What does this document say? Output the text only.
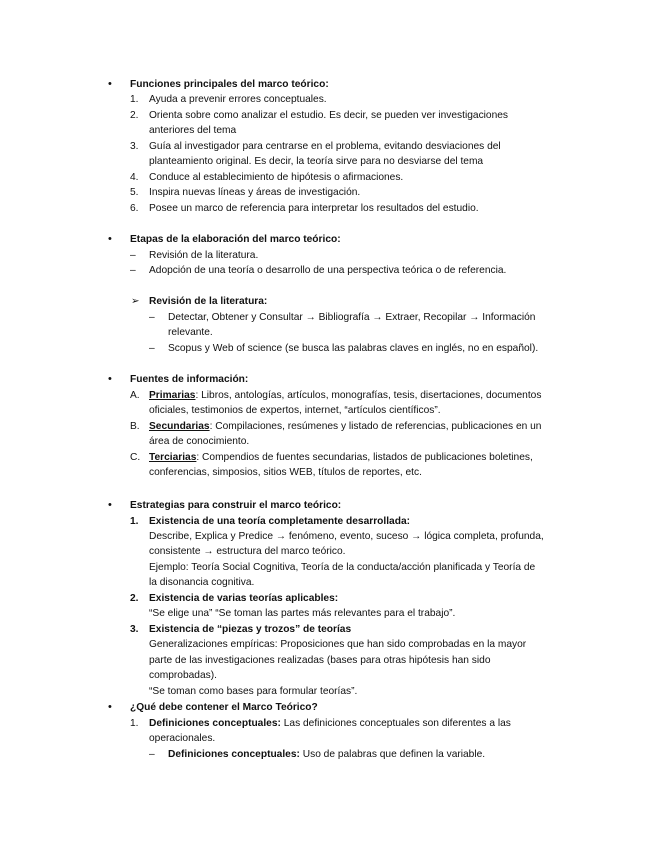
• Funciones principales del marco teórico:
1. Ayuda a prevenir errores conceptuales.
2. Orienta sobre como analizar el estudio. Es decir, se pueden ver investigaciones
anteriores del tema
3. Guía al investigador para centrarse en el problema, evitando desviaciones del
planteamiento original. Es decir, la teoría sirve para no desviarse del tema
4. Conduce al establecimiento de hipótesis o afirmaciones.
5. Inspira nuevas líneas y áreas de investigación.
6. Posee un marco de referencia para interpretar los resultados del estudio.
• Etapas de la elaboración del marco teórico:
– Revisión de la literatura.
– Adopción de una teoría o desarrollo de una perspectiva teórica o de referencia.
➢ Revisión de la literatura:
– Detectar, Obtener y Consultar → Bibliografía → Extraer, Recopilar → Información
relevante.
– Scopus y Web of science (se busca las palabras claves en inglés, no en español).
• Fuentes de información:
A. Primarias: Libros, antologías, artículos, monografías, tesis, disertaciones, documentos
oficiales, testimonios de expertos, internet, “artículos científicos”.
B. Secundarias: Compilaciones, resúmenes y listado de referencias, publicaciones en un
área de conocimiento.
C. Terciarias: Compendios de fuentes secundarias, listados de publicaciones boletines,
conferencias, simposios, sitios WEB, títulos de reportes, etc.
• Estrategias para construir el marco teórico:
1. Existencia de una teoría completamente desarrollada:
Describe, Explica y Predice → fenómeno, evento, suceso → lógica completa, profunda,
consistente → estructura del marco teórico.
Ejemplo: Teoría Social Cognitiva, Teoría de la conducta/acción planificada y Teoría de
la disonancia cognitiva.
2. Existencia de varias teorías aplicables:
“Se elige una” “Se toman las partes más relevantes para el trabajo”.
3. Existencia de “piezas y trozos” de teorías
Generalizaciones empíricas: Proposiciones que han sido comprobadas en la mayor
parte de las investigaciones realizadas (bases para otras hipótesis han sido
comprobadas).
“Se toman como bases para formular teorías”.
• ¿Qué debe contener el Marco Teórico?
1. Definiciones conceptuales: Las definiciones conceptuales son diferentes a las
operacionales.
– Definiciones conceptuales: Uso de palabras que definen la variable.
